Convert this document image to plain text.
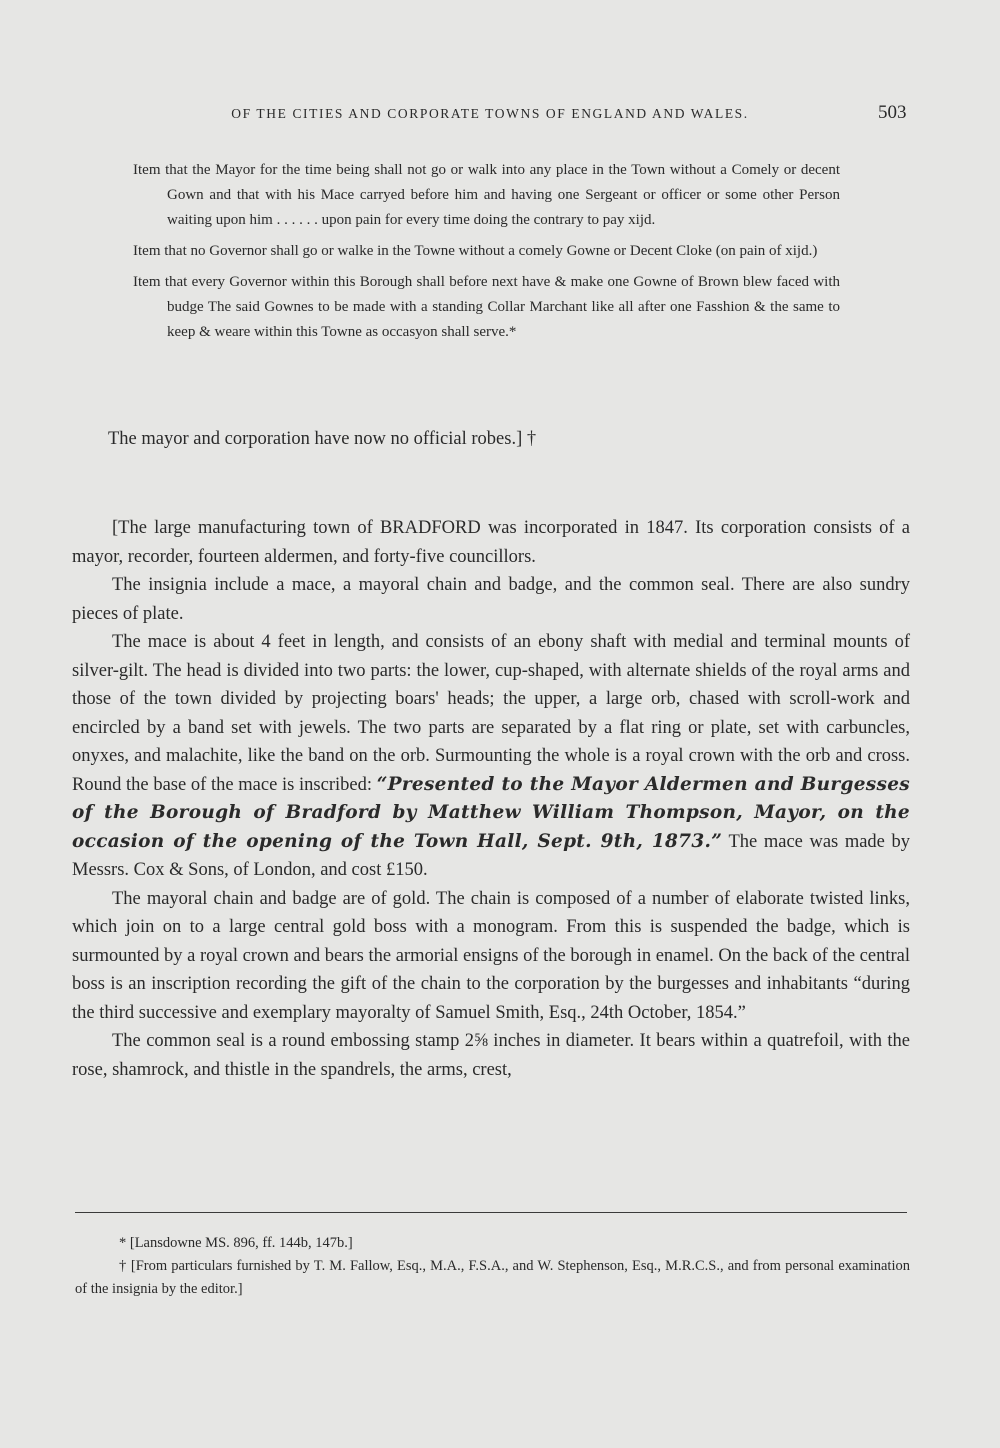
OF THE CITIES AND CORPORATE TOWNS OF ENGLAND AND WALES.	503

Item that the Mayor for the time being shall not go or walk into any place in the Town without a Comely or decent Gown and that with his Mace carryed before him and having one Sergeant or officer or some other Person waiting upon him . . . . . . upon pain for every time doing the contrary to pay xijd.

Item that no Governor shall go or walke in the Towne without a comely Gowne or Decent Cloke (on pain of xijd.)

Item that every Governor within this Borough shall before next have & make one Gowne of Brown blew faced with budge The said Gownes to be made with a standing Collar Marchant like all after one Fasshion & the same to keep & weare within this Towne as occasyon shall serve.*

The mayor and corporation have now no official robes.] †

[The large manufacturing town of BRADFORD was incorporated in 1847. Its corporation consists of a mayor, recorder, fourteen aldermen, and forty-five councillors.

The insignia include a mace, a mayoral chain and badge, and the common seal. There are also sundry pieces of plate.

The mace is about 4 feet in length, and consists of an ebony shaft with medial and terminal mounts of silver-gilt. The head is divided into two parts: the lower, cup-shaped, with alternate shields of the royal arms and those of the town divided by projecting boars' heads; the upper, a large orb, chased with scroll-work and encircled by a band set with jewels. The two parts are separated by a flat ring or plate, set with carbuncles, onyxes, and malachite, like the band on the orb. Surmounting the whole is a royal crown with the orb and cross. Round the base of the mace is inscribed: “Presented to the Mayor Aldermen and Burgesses of the Borough of Bradford by Matthew William Thompson, Mayor, on the occasion of the opening of the Town Hall, Sept. 9th, 1873.” The mace was made by Messrs. Cox & Sons, of London, and cost £150.

The mayoral chain and badge are of gold. The chain is composed of a number of elaborate twisted links, which join on to a large central gold boss with a monogram. From this is suspended the badge, which is surmounted by a royal crown and bears the armorial ensigns of the borough in enamel. On the back of the central boss is an inscription recording the gift of the chain to the corporation by the burgesses and inhabitants “during the third successive and exemplary mayoralty of Samuel Smith, Esq., 24th October, 1854.”

The common seal is a round embossing stamp 2⅝ inches in diameter. It bears within a quatrefoil, with the rose, shamrock, and thistle in the spandrels, the arms, crest,

* [Lansdowne MS. 896, ff. 144b, 147b.]

† [From particulars furnished by T. M. Fallow, Esq., M.A., F.S.A., and W. Stephenson, Esq., M.R.C.S., and from personal examination of the insignia by the editor.]
